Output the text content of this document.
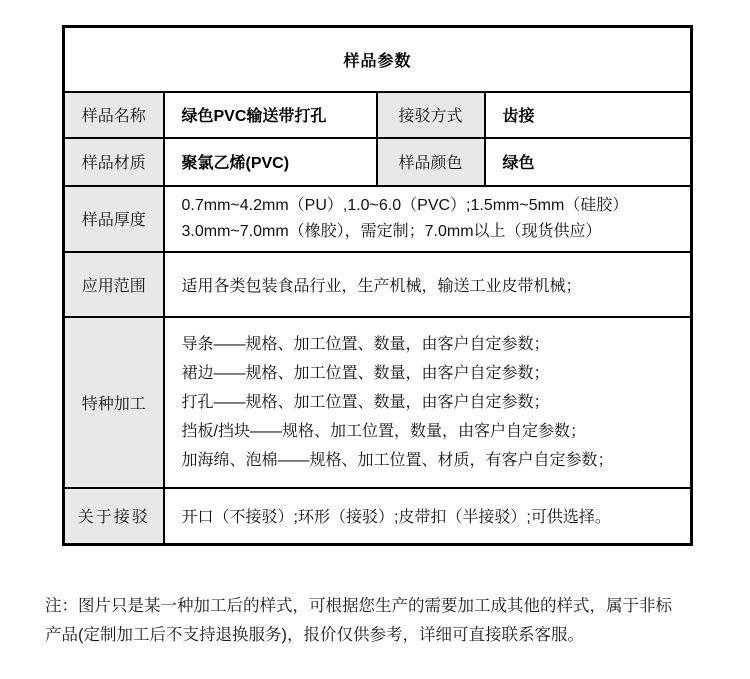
样品参数			
样品名称	绿色PVC输送带打孔	接驳方式	齿接
样品材质	聚氯乙烯(PVC)	样品颜色	绿色
样品厚度	0.7mm~4.2mm（PU）,1.0~6.0（PVC）;1.5mm~5mm（硅胶）
3.0mm~7.0mm（橡胶），需定制；7.0mm以上（现货供应）		

应用范围	适用各类包装食品行业，生产机械，输送工业皮带机械；		
特种加工	导条——规格、加工位置、数量，由客户自定参数；
裙边——规格、加工位置、数量，由客户自定参数；
打孔——规格、加工位置、数量，由客户自定参数；
挡板/挡块——规格、加工位置，数量，由客户自定参数；
加海绵、泡棉——规格、加工位置、材质，有客户自定参数；		

关于接驳	开口（不接驳）;环形（接驳）;皮带扣（半接驳）;可供选择。		
注：图片只是某一种加工后的样式，可根据您生产的需要加工成其他的样式，属于非标
产品(定制加工后不支持退换服务)，报价仅供参考，详细可直接联系客服。
